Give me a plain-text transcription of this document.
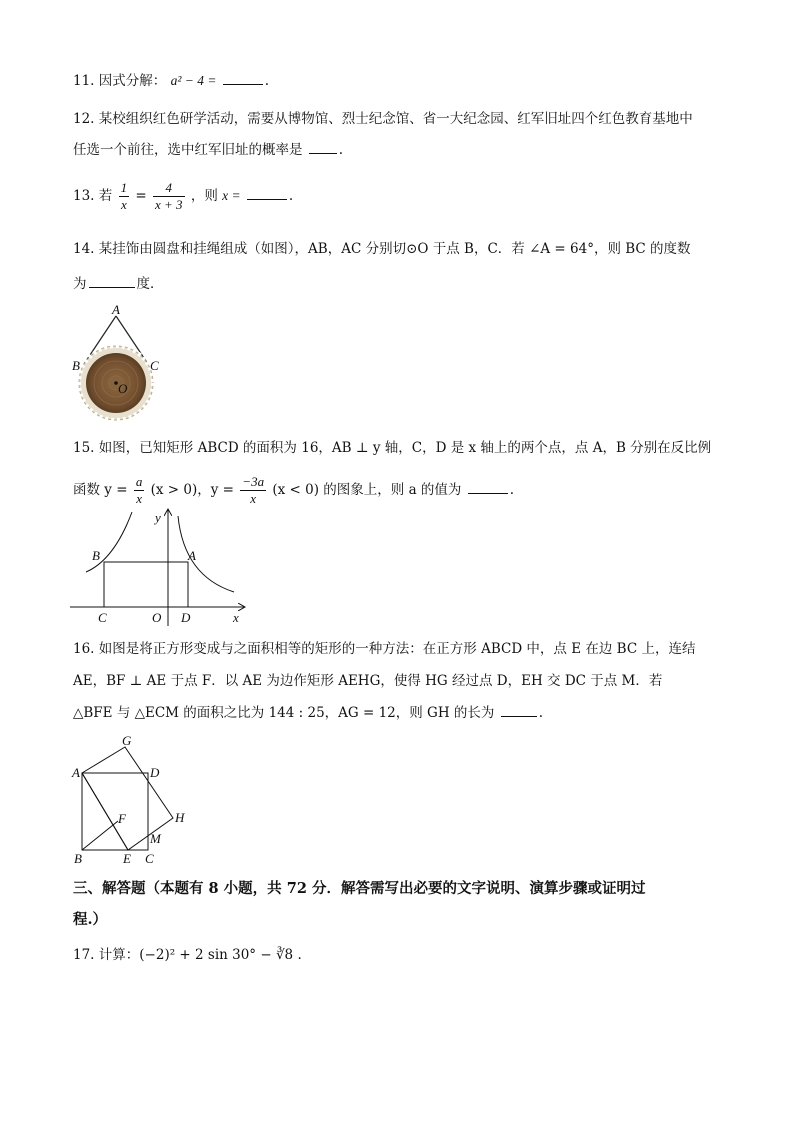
11. 因式分解： a² − 4 =	.
12. 某校组织红色研学活动，需要从博物馆、烈士纪念馆、省一大纪念园、红军旧址四个红色教育基地中
任选一个前往，选中红军旧址的概率是	.
13. 若 $\frac{1}{x} = \frac{4}{x + 3}$ ，则 x =	.
14. 某挂饰由圆盘和挂绳组成（如图），AB，AC 分别切⊙O 于点 B，C．若 ∠A = 64°，则 BC 的度数
为	度．
A
B	C
O
15. 如图，已知矩形 ABCD 的面积为 16，AB ⊥ y 轴，C，D 是 x 轴上的两个点，点 A，B 分别在反比例
函数 $y = \frac{a}{x} (x > 0)$，$y = \frac{-3a}{x} (x < 0)$ 的图象上，则 a 的值为	.
y
x
B	A
C	O D
16. 如图是将正方形变成与之面积相等的矩形的一种方法：在正方形 ABCD 中，点 E 在边 BC 上，连结
AE，BF ⊥ AE 于点 F．以 AE 为边作矩形 AEHG，使得 HG 经过点 D，EH 交 DC 于点 M．若
△BFE 与 △ECM 的面积之比为 144 : 25，AG = 12，则 GH 的长为	.
G
A	D
F	H
M
B	E C
三、解答题（本题有 8 小题，共 72 分．解答需写出必要的文字说明、演算步骤或证明过
程.）
17. 计算：(−2)² + 2 sin 30° − ∛8 .
